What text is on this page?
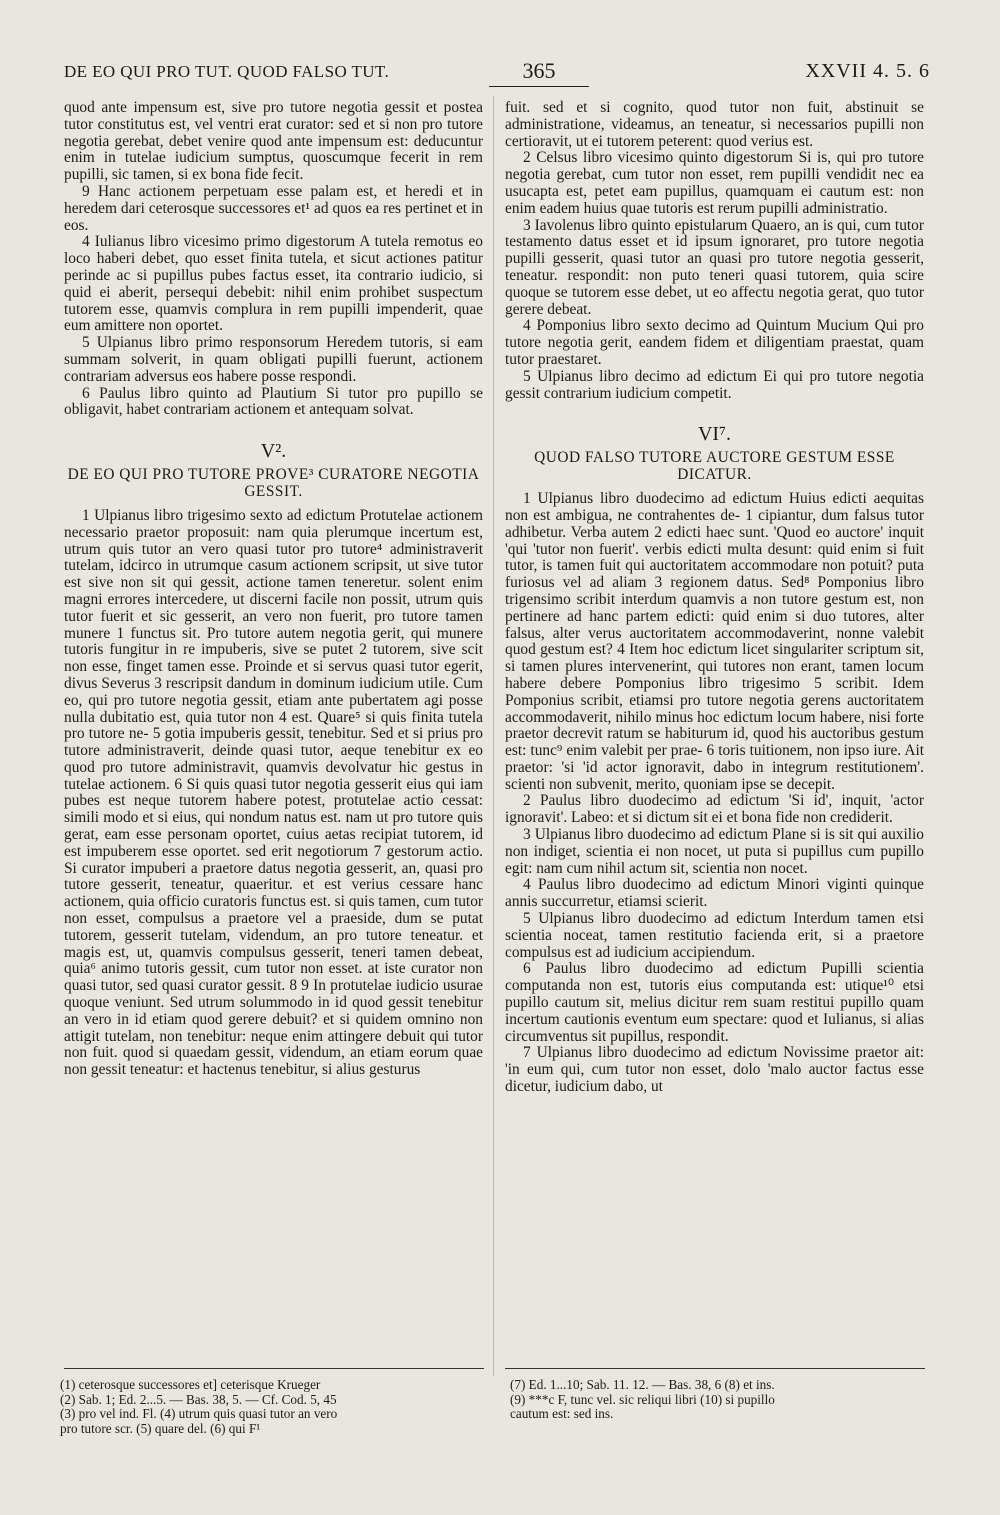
DE EO QUI PRO TUT. QUOD FALSO TUT.	365	XXVII 4. 5. 6

quod ante impensum est, sive pro tutore negotia gessit et postea tutor constitutus est, vel ventri erat curator: sed et si non pro tutore negotia gerebat, debet venire quod ante impensum est: deducuntur enim in tutelae iudicium sumptus, quoscumque fecerit in rem pupilli, sic tamen, si ex bona fide fecit.

9 Hanc actionem perpetuam esse palam est, et heredi et in heredem dari ceterosque successores et¹ ad quos ea res pertinet et in eos.

4 Iulianus libro vicesimo primo digestorum A tutela remotus eo loco haberi debet, quo esset finita tutela, et sicut actiones patitur perinde ac si pupillus pubes factus esset, ita contrario iudicio, si quid ei aberit, persequi debebit: nihil enim prohibet suspectum tutorem esse, quamvis complura in rem pupilli impenderit, quae eum amittere non oportet.

5 Ulpianus libro primo responsorum Heredem tutoris, si eam summam solverit, in quam obligati pupilli fuerunt, actionem contrariam adversus eos habere posse respondi.

6 Paulus libro quinto ad Plautium Si tutor pro pupillo se obligavit, habet contrariam actionem et antequam solvat.

V².
DE EO QUI PRO TUTORE PROVE³ CURATORE NEGOTIA GESSIT.

1 Ulpianus libro trigesimo sexto ad edictum Protutelae actionem necessario praetor proposuit: nam quia plerumque incertum est, utrum quis tutor an vero quasi tutor pro tutore⁴ administraverit tutelam, idcirco in utrumque casum actionem scripsit, ut sive tutor est sive non sit qui gessit, actione tamen teneretur. solent enim magni errores intercedere, ut discerni facile non possit, utrum quis tutor fuerit et sic gesserit, an vero non fuerit, pro tutore tamen munere 1 functus sit. Pro tutore autem negotia gerit, qui munere tutoris fungitur in re impuberis, sive se putet 2 tutorem, sive scit non esse, finget tamen esse. Proinde et si servus quasi tutor egerit, divus Severus 3 rescripsit dandum in dominum iudicium utile. Cum eo, qui pro tutore negotia gessit, etiam ante pubertatem agi posse nulla dubitatio est, quia tutor non 4 est. Quare⁵ si quis finita tutela pro tutore ne- 5 gotia impuberis gessit, tenebitur. Sed et si prius pro tutore administraverit, deinde quasi tutor, aeque tenebitur ex eo quod pro tutore administravit, quamvis devolvatur hic gestus in tutelae actionem. 6 Si quis quasi tutor negotia gesserit eius qui iam pubes est neque tutorem habere potest, protutelae actio cessat: simili modo et si eius, qui nondum natus est. nam ut pro tutore quis gerat, eam esse personam oportet, cuius aetas recipiat tutorem, id est impuberem esse oportet. sed erit negotiorum 7 gestorum actio. Si curator impuberi a praetore datus negotia gesserit, an, quasi pro tutore gesserit, teneatur, quaeritur. et est verius cessare hanc actionem, quia officio curatoris functus est. si quis tamen, cum tutor non esset, compulsus a praetore vel a praeside, dum se putat tutorem, gesserit tutelam, videndum, an pro tutore teneatur. et magis est, ut, quamvis compulsus gesserit, teneri tamen debeat, quia⁶ animo tutoris gessit, cum tutor non esset. at iste curator non quasi tutor, sed quasi curator gessit. 8 9 In protutelae iudicio usurae quoque veniunt. Sed utrum solummodo in id quod gessit tenebitur an vero in id etiam quod gerere debuit? et si quidem omnino non attigit tutelam, non tenebitur: neque enim attingere debuit qui tutor non fuit. quod si quaedam gessit, videndum, an etiam eorum quae non gessit teneatur: et hactenus tenebitur, si alius gesturus

fuit. sed et si cognito, quod tutor non fuit, abstinuit se administratione, videamus, an teneatur, si necessarios pupilli non certioravit, ut ei tutorem peterent: quod verius est.

2 Celsus libro vicesimo quinto digestorum Si is, qui pro tutore negotia gerebat, cum tutor non esset, rem pupilli vendidit nec ea usucapta est, petet eam pupillus, quamquam ei cautum est: non enim eadem huius quae tutoris est rerum pupilli administratio.

3 Iavolenus libro quinto epistularum Quaero, an is qui, cum tutor testamento datus esset et id ipsum ignoraret, pro tutore negotia pupilli gesserit, quasi tutor an quasi pro tutore negotia gesserit, teneatur. respondit: non puto teneri quasi tutorem, quia scire quoque se tutorem esse debet, ut eo affectu negotia gerat, quo tutor gerere debeat.

4 Pomponius libro sexto decimo ad Quintum Mucium Qui pro tutore negotia gerit, eandem fidem et diligentiam praestat, quam tutor praestaret.

5 Ulpianus libro decimo ad edictum Ei qui pro tutore negotia gessit contrarium iudicium competit.

VI⁷.
QUOD FALSO TUTORE AUCTORE GESTUM ESSE DICATUR.

1 Ulpianus libro duodecimo ad edictum Huius edicti aequitas non est ambigua, ne contrahentes de- 1 cipiantur, dum falsus tutor adhibetur. Verba autem 2 edicti haec sunt. 'Quod eo auctore' inquit 'qui 'tutor non fuerit'. verbis edicti multa desunt: quid enim si fuit tutor, is tamen fuit qui auctoritatem accommodare non potuit? puta furiosus vel ad aliam 3 regionem datus. Sed⁸ Pomponius libro trigensimo scribit interdum quamvis a non tutore gestum est, non pertinere ad hanc partem edicti: quid enim si duo tutores, alter falsus, alter verus auctoritatem accommodaverint, nonne valebit quod gestum est? 4 Item hoc edictum licet singulariter scriptum sit, si tamen plures intervenerint, qui tutores non erant, tamen locum habere debere Pomponius libro trigesimo 5 scribit. Idem Pomponius scribit, etiamsi pro tutore negotia gerens auctoritatem accommodaverit, nihilo minus hoc edictum locum habere, nisi forte praetor decrevit ratum se habiturum id, quod his auctoribus gestum est: tunc⁹ enim valebit per prae- 6 toris tuitionem, non ipso iure. Ait praetor: 'si 'id actor ignoravit, dabo in integrum restitutionem'. scienti non subvenit, merito, quoniam ipse se decepit.

2 Paulus libro duodecimo ad edictum 'Si id', inquit, 'actor ignoravit'. Labeo: et si dictum sit ei et bona fide non crediderit.

3 Ulpianus libro duodecimo ad edictum Plane si is sit qui auxilio non indiget, scientia ei non nocet, ut puta si pupillus cum pupillo egit: nam cum nihil actum sit, scientia non nocet.

4 Paulus libro duodecimo ad edictum Minori viginti quinque annis succurretur, etiamsi scierit.

5 Ulpianus libro duodecimo ad edictum Interdum tamen etsi scientia noceat, tamen restitutio facienda erit, si a praetore compulsus est ad iudicium accipiendum.

6 Paulus libro duodecimo ad edictum Pupilli scientia computanda non est, tutoris eius computanda est: utique¹⁰ etsi pupillo cautum sit, melius dicitur rem suam restitui pupillo quam incertum cautionis eventum eum spectare: quod et Iulianus, si alias circumventus sit pupillus, respondit.

7 Ulpianus libro duodecimo ad edictum Novissime praetor ait: 'in eum qui, cum tutor non esset, dolo 'malo auctor factus esse dicetur, iudicium dabo, ut

(1) ceterosque successores et] ceterisque Krueger
(2) Sab. 1; Ed. 2...5. — Bas. 38, 5. — Cf. Cod. 5, 45
(3) pro vel ind. Fl. (4) utrum quis quasi tutor an vero
pro tutore scr. (5) quare del. (6) qui F¹
(7) Ed. 1...10; Sab. 11. 12. — Bas. 38, 6 (8) et ins.
(9) ***c F, tunc vel. sic reliqui libri (10) si pupillo
cautum est: sed ins.
